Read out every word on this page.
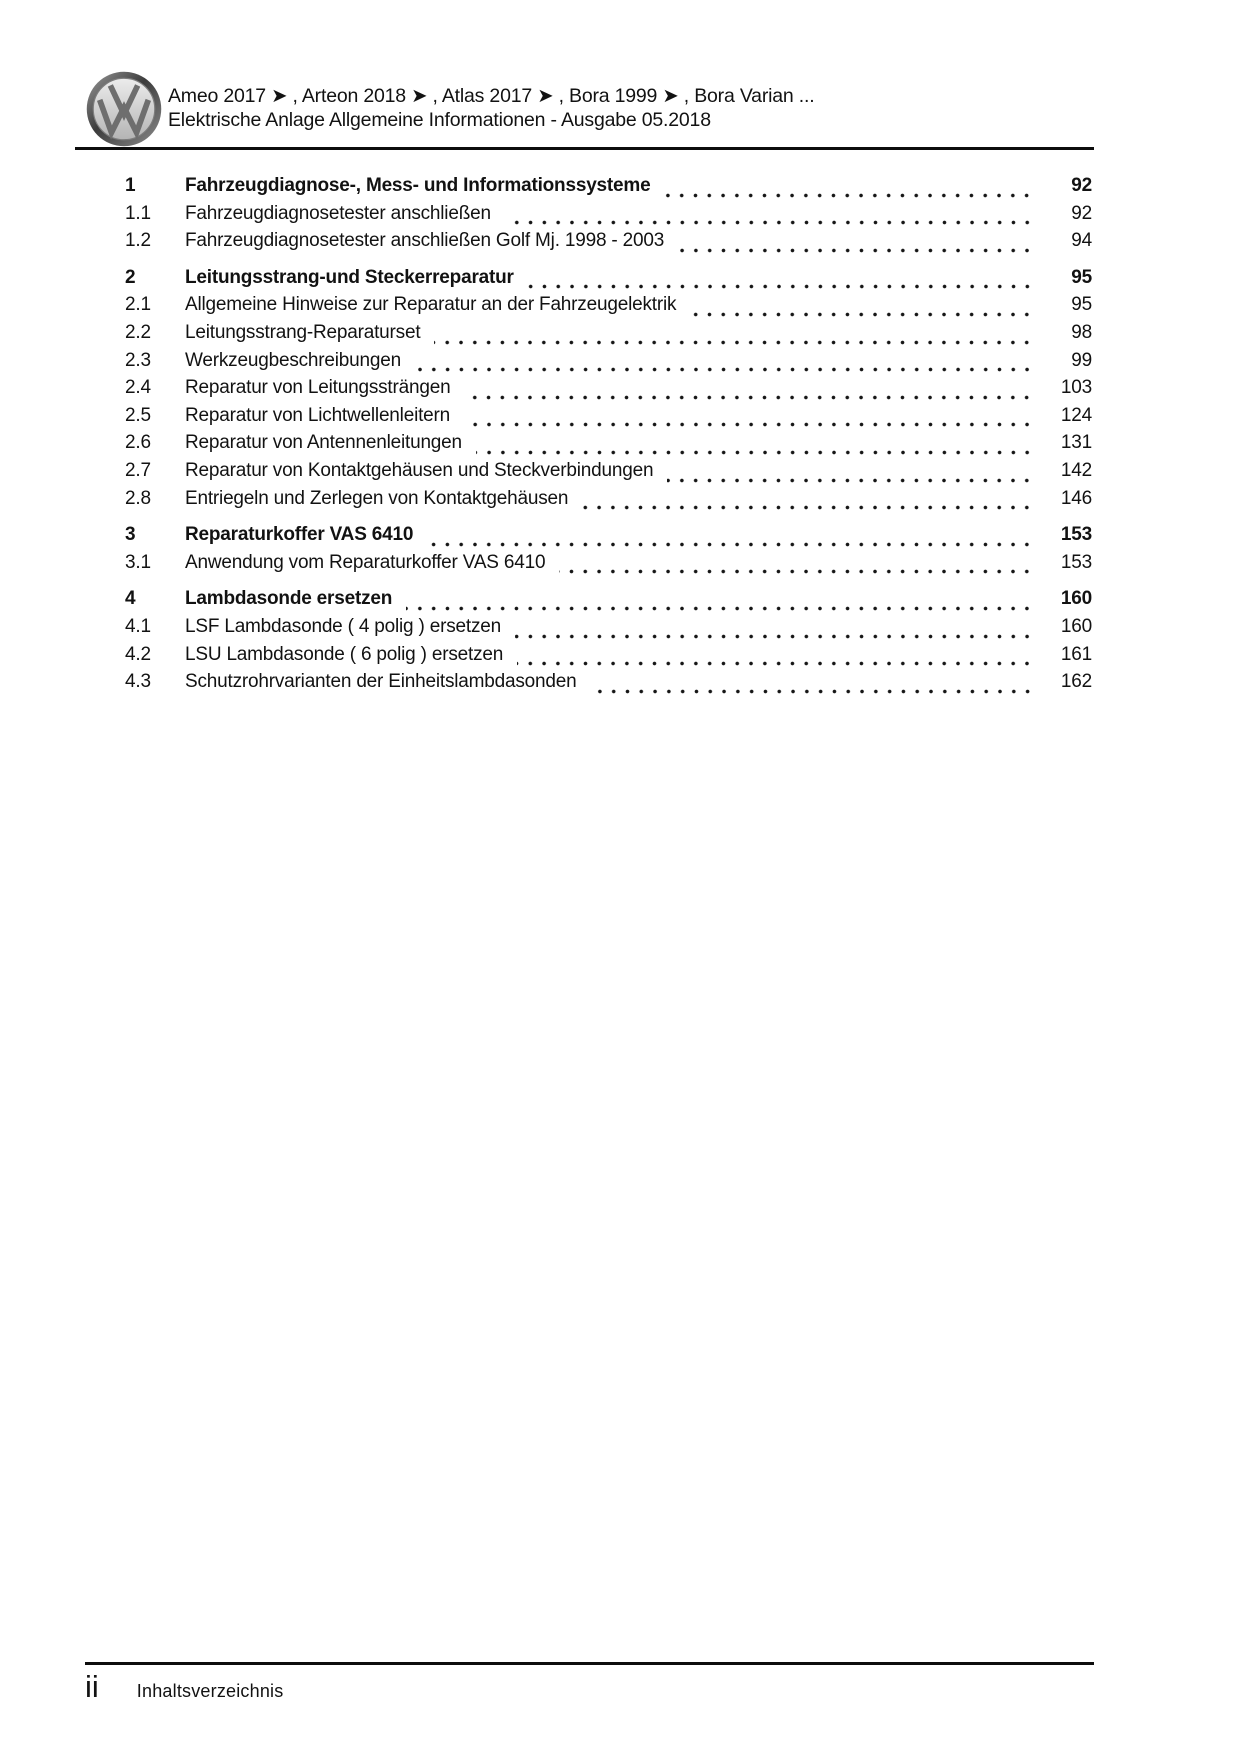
Ameo 2017 ➤ , Arteon 2018 ➤ , Atlas 2017 ➤ , Bora 1999 ➤ , Bora Varian ...
Elektrische Anlage Allgemeine Informationen - Ausgabe 05.2018
1	Fahrzeugdiagnose-, Mess- und Informationssysteme	92
1.1	Fahrzeugdiagnosetester anschließen	92
1.2	Fahrzeugdiagnosetester anschließen Golf Mj. 1998 - 2003	94
2	Leitungsstrang-und Steckerreparatur	95
2.1	Allgemeine Hinweise zur Reparatur an der Fahrzeugelektrik	95
2.2	Leitungsstrang-Reparaturset	98
2.3	Werkzeugbeschreibungen	99
2.4	Reparatur von Leitungssträngen	103
2.5	Reparatur von Lichtwellenleitern	124
2.6	Reparatur von Antennenleitungen	131
2.7	Reparatur von Kontaktgehäusen und Steckverbindungen	142
2.8	Entriegeln und Zerlegen von Kontaktgehäusen	146
3	Reparaturkoffer VAS 6410	153
3.1	Anwendung vom Reparaturkoffer VAS 6410	153
4	Lambdasonde ersetzen	160
4.1	LSF Lambdasonde ( 4 polig ) ersetzen	160
4.2	LSU Lambdasonde ( 6 polig ) ersetzen	161
4.3	Schutzrohrvarianten der Einheitslambdasonden	162
ii Inhaltsverzeichnis
